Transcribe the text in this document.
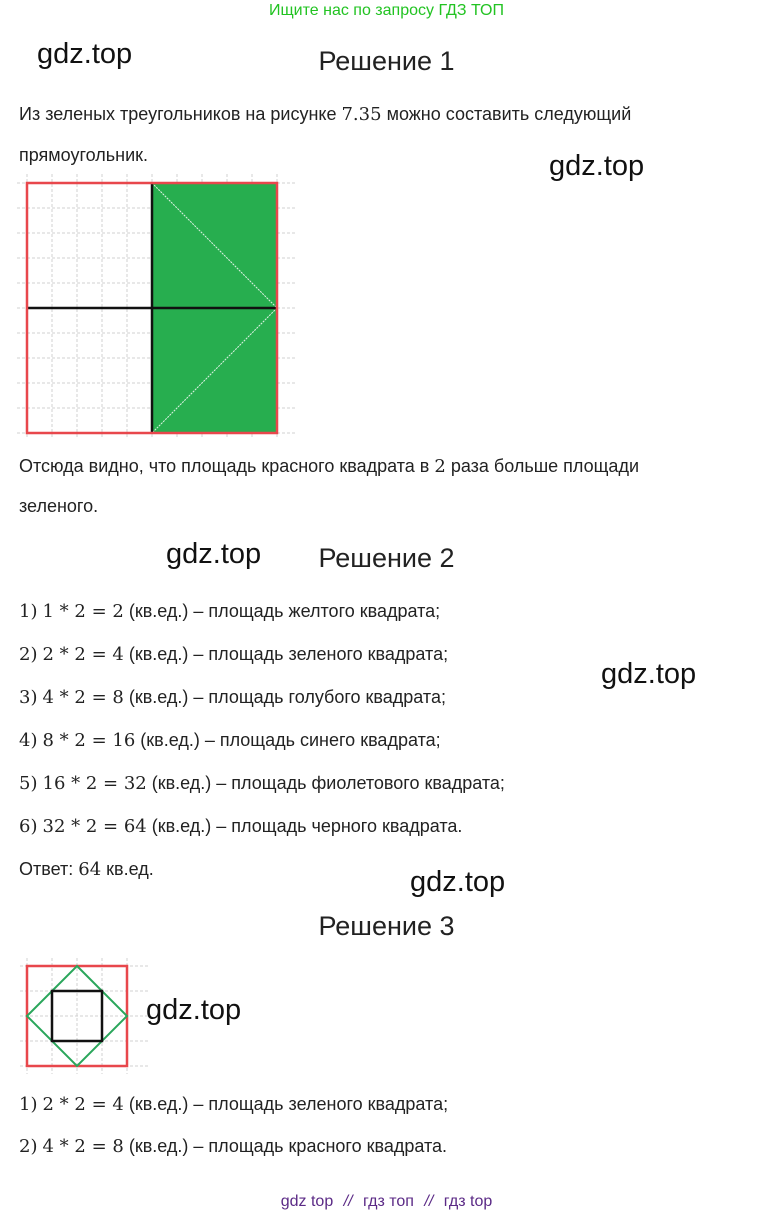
Ищите нас по запросу ГДЗ ТОП
gdz.top
gdz.top
gdz.top
gdz.top
gdz.top
gdz.top
Решение 1
Из зеленых треугольников на рисунке 7.35 можно составить следующий
прямоугольник.
Отсюда видно, что площадь красного квадрата в 2 раза больше площади
зеленого.
Решение 2
1) 1 * 2 = 2 (кв.ед.) – площадь желтого квадрата;
2) 2 * 2 = 4 (кв.ед.) – площадь зеленого квадрата;
3) 4 * 2 = 8 (кв.ед.) – площадь голубого квадрата;
4) 8 * 2 = 16 (кв.ед.) – площадь синего квадрата;
5) 16 * 2 = 32 (кв.ед.) – площадь фиолетового квадрата;
6) 32 * 2 = 64 (кв.ед.) – площадь черного квадрата.
Ответ: 64 кв.ед.
Решение 3
1) 2 * 2 = 4 (кв.ед.) – площадь зеленого квадрата;
2) 4 * 2 = 8 (кв.ед.) – площадь красного квадрата.
gdz top // гдз топ // гдз top
